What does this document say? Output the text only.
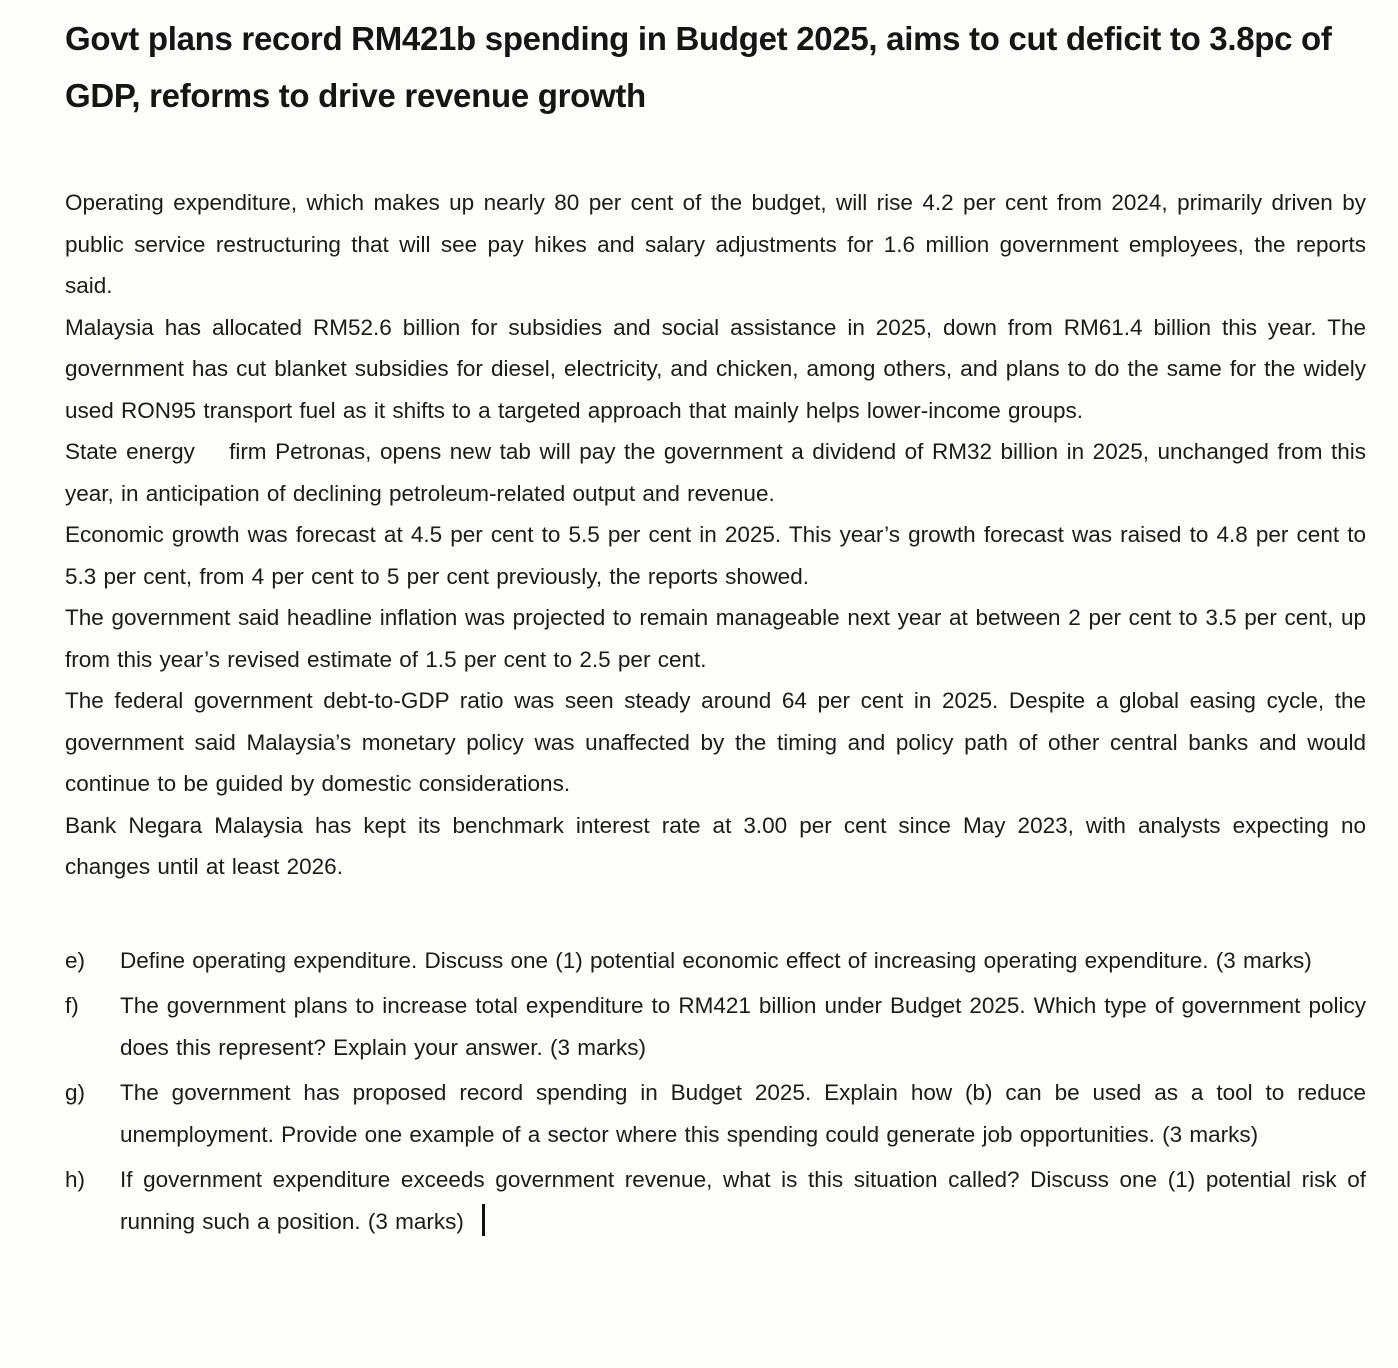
Govt plans record RM421b spending in Budget 2025, aims to cut deficit to 3.8pc of GDP, reforms to drive revenue growth

Operating expenditure, which makes up nearly 80 per cent of the budget, will rise 4.2 per cent from 2024, primarily driven by public service restructuring that will see pay hikes and salary adjustments for 1.6 million government employees, the reports said.

Malaysia has allocated RM52.6 billion for subsidies and social assistance in 2025, down from RM61.4 billion this year. The government has cut blanket subsidies for diesel, electricity, and chicken, among others, and plans to do the same for the widely used RON95 transport fuel as it shifts to a targeted approach that mainly helps lower-income groups.

State energy    firm Petronas, opens new tab will pay the government a dividend of RM32 billion in 2025, unchanged from this year, in anticipation of declining petroleum-related output and revenue.

Economic growth was forecast at 4.5 per cent to 5.5 per cent in 2025. This year’s growth forecast was raised to 4.8 per cent to 5.3 per cent, from 4 per cent to 5 per cent previously, the reports showed.

The government said headline inflation was projected to remain manageable next year at between 2 per cent to 3.5 per cent, up from this year’s revised estimate of 1.5 per cent to 2.5 per cent.

The federal government debt-to-GDP ratio was seen steady around 64 per cent in 2025. Despite a global easing cycle, the government said Malaysia’s monetary policy was unaffected by the timing and policy path of other central banks and would continue to be guided by domestic considerations.

Bank Negara Malaysia has kept its benchmark interest rate at 3.00 per cent since May 2023, with analysts expecting no changes until at least 2026.

e)	Define operating expenditure. Discuss one (1) potential economic effect of increasing operating expenditure. (3 marks)
f)	The government plans to increase total expenditure to RM421 billion under Budget 2025. Which type of government policy does this represent? Explain your answer. (3 marks)
g)	The government has proposed record spending in Budget 2025. Explain how (b) can be used as a tool to reduce unemployment. Provide one example of a sector where this spending could generate job opportunities. (3 marks)
h)	If government expenditure exceeds government revenue, what is this situation called? Discuss one (1) potential risk of running such a position. (3 marks)
